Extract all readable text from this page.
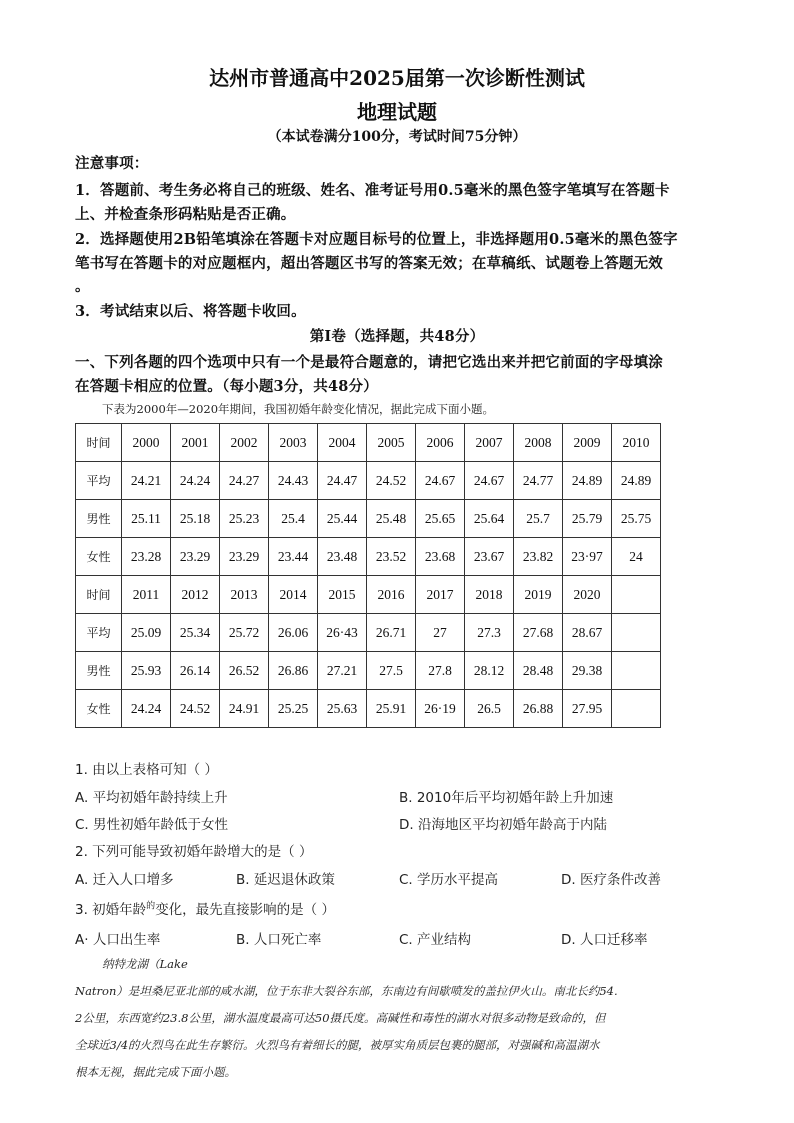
达州市普通高中2025届第一次诊断性测试
地理试题
（本试卷满分100分，考试时间75分钟）
注意事项：
1．答题前、考生务必将自己的班级、姓名、准考证号用0.5毫米的黑色签字笔填写在答题卡
上、并检查条形码粘贴是否正确。
2．选择题使用2B铅笔填涂在答题卡对应题目标号的位置上，非选择题用0.5毫米的黑色签字
笔书写在答题卡的对应题框内，超出答题区书写的答案无效；在草稿纸、试题卷上答题无效
。
3．考试结束以后、将答题卡收回。
第Ⅰ卷（选择题，共48分）
一、下列各题的四个选项中只有一个是最符合题意的，请把它选出来并把它前面的字母填涂
在答题卡相应的位置。（每小题3分，共48分）
下表为2000年—2020年期间，我国初婚年龄变化情况，据此完成下面小题。
时间	2000	2001	2002	2003	2004	2005	2006	2007	2008	2009	2010
平均	24.21	24.24	24.27	24.43	24.47	24.52	24.67	24.67	24.77	24.89	24.89
男性	25.11	25.18	25.23	25.4	25.44	25.48	25.65	25.64	25.7	25.79	25.75
女性	23.28	23.29	23.29	23.44	23.48	23.52	23.68	23.67	23.82	23·97	24
时间	2011	2012	2013	2014	2015	2016	2017	2018	2019	2020	
平均	25.09	25.34	25.72	26.06	26·43	26.71	27	27.3	27.68	28.67	
男性	25.93	26.14	26.52	26.86	27.21	27.5	27.8	28.12	28.48	29.38	
女性	24.24	24.52	24.91	25.25	25.63	25.91	26·19	26.5	26.88	27.95	
1. 由以上表格可知（ ）
A. 平均初婚年龄持续上升	B. 2010年后平均初婚年龄上升加速
C. 男性初婚年龄低于女性	D. 沿海地区平均初婚年龄高于内陆
2. 下列可能导致初婚年龄增大的是（ ）
A. 迁入人口增多	B. 延迟退休政策	C. 学历水平提高	D. 医疗条件改善
3. 初婚年龄$^的$变化，最先直接影响的是（ ）
A· 人口出生率	B. 人口死亡率	C. 产业结构	D. 人口迁移率
纳特龙湖（Lake
Natron）是坦桑尼亚北部的咸水湖，位于东非大裂谷东部，东南边有间歇喷发的盖拉伊火山。南北长约54.
2公里，东西宽约23.8公里，湖水温度最高可达50摄氏度。高碱性和毒性的湖水对很多动物是致命的，但
全球近3/4的火烈鸟在此生存繁衍。火烈鸟有着细长的腿，被厚实角质层包裹的腿部，对强碱和高温湖水
根本无视，据此完成下面小题。
